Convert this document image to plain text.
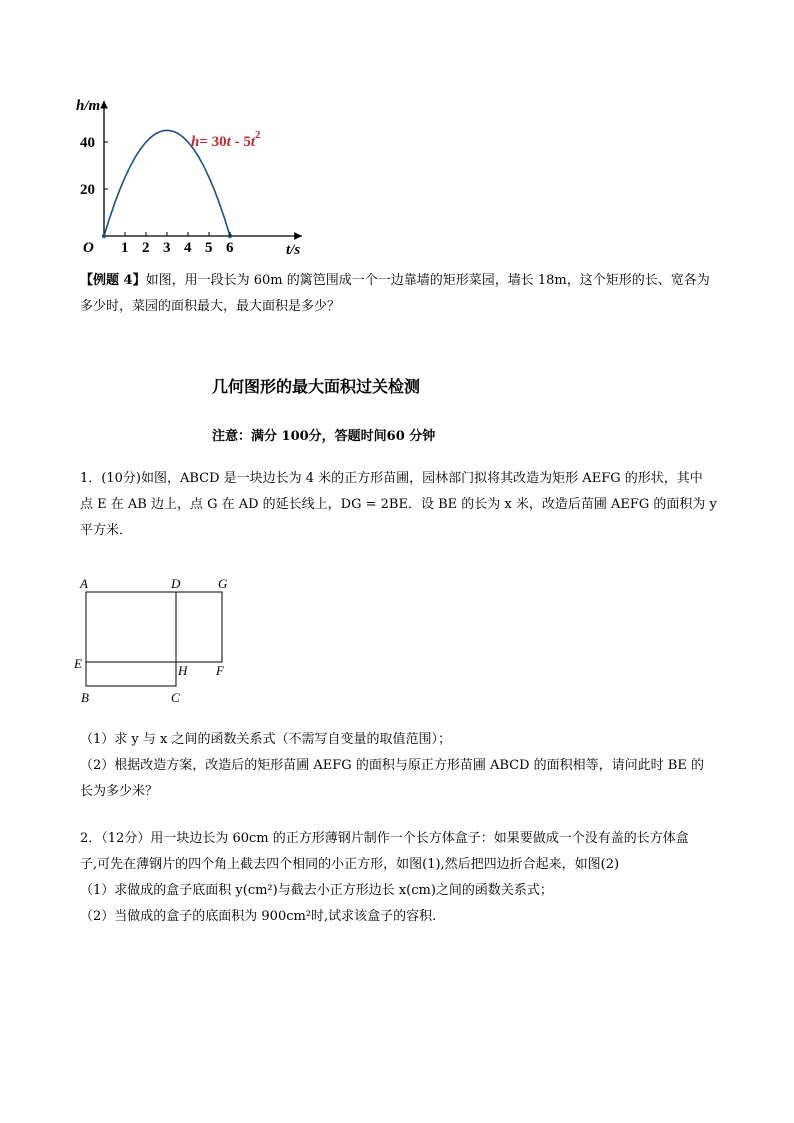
1 2 3 4 5 6
20
40
h/m
t/s
O
$h= 30t - 5t^2$
【例题 4】如图，用一段长为 60m 的篱笆围成一个一边靠墙的矩形菜园，墙长 18m，这个矩形的长、宽各为
多少时，菜园的面积最大，最大面积是多少？
几何图形的最大面积过关检测
注意：满分 100分，答题时间60 分钟
1．(10分)如图，ABCD 是一块边长为 4 米的正方形苗圃，园林部门拟将其改造为矩形 AEFG 的形状，其中
点 E 在 AB 边上，点 G 在 AD 的延长线上，DG = 2BE．设 BE 的长为 x 米，改造后苗圃 AEFG 的面积为 y
平方米．
A	D	G
E	H F
B	C
（1）求 y 与 x 之间的函数关系式（不需写自变量的取值范围）；
（2）根据改造方案，改造后的矩形苗圃 AEFG 的面积与原正方形苗圃 ABCD 的面积相等，请问此时 BE 的
长为多少米？
2．（12分）用一块边长为 60cm 的正方形薄钢片制作一个长方体盒子：如果要做成一个没有盖的长方体盒
子,可先在薄钢片的四个角上截去四个相同的小正方形，如图(1),然后把四边折合起来，如图(2)
（1）求做成的盒子底面积 y(cm²)与截去小正方形边长 x(cm)之间的函数关系式；
（2）当做成的盒子的底面积为 900cm²时,试求该盒子的容积.
